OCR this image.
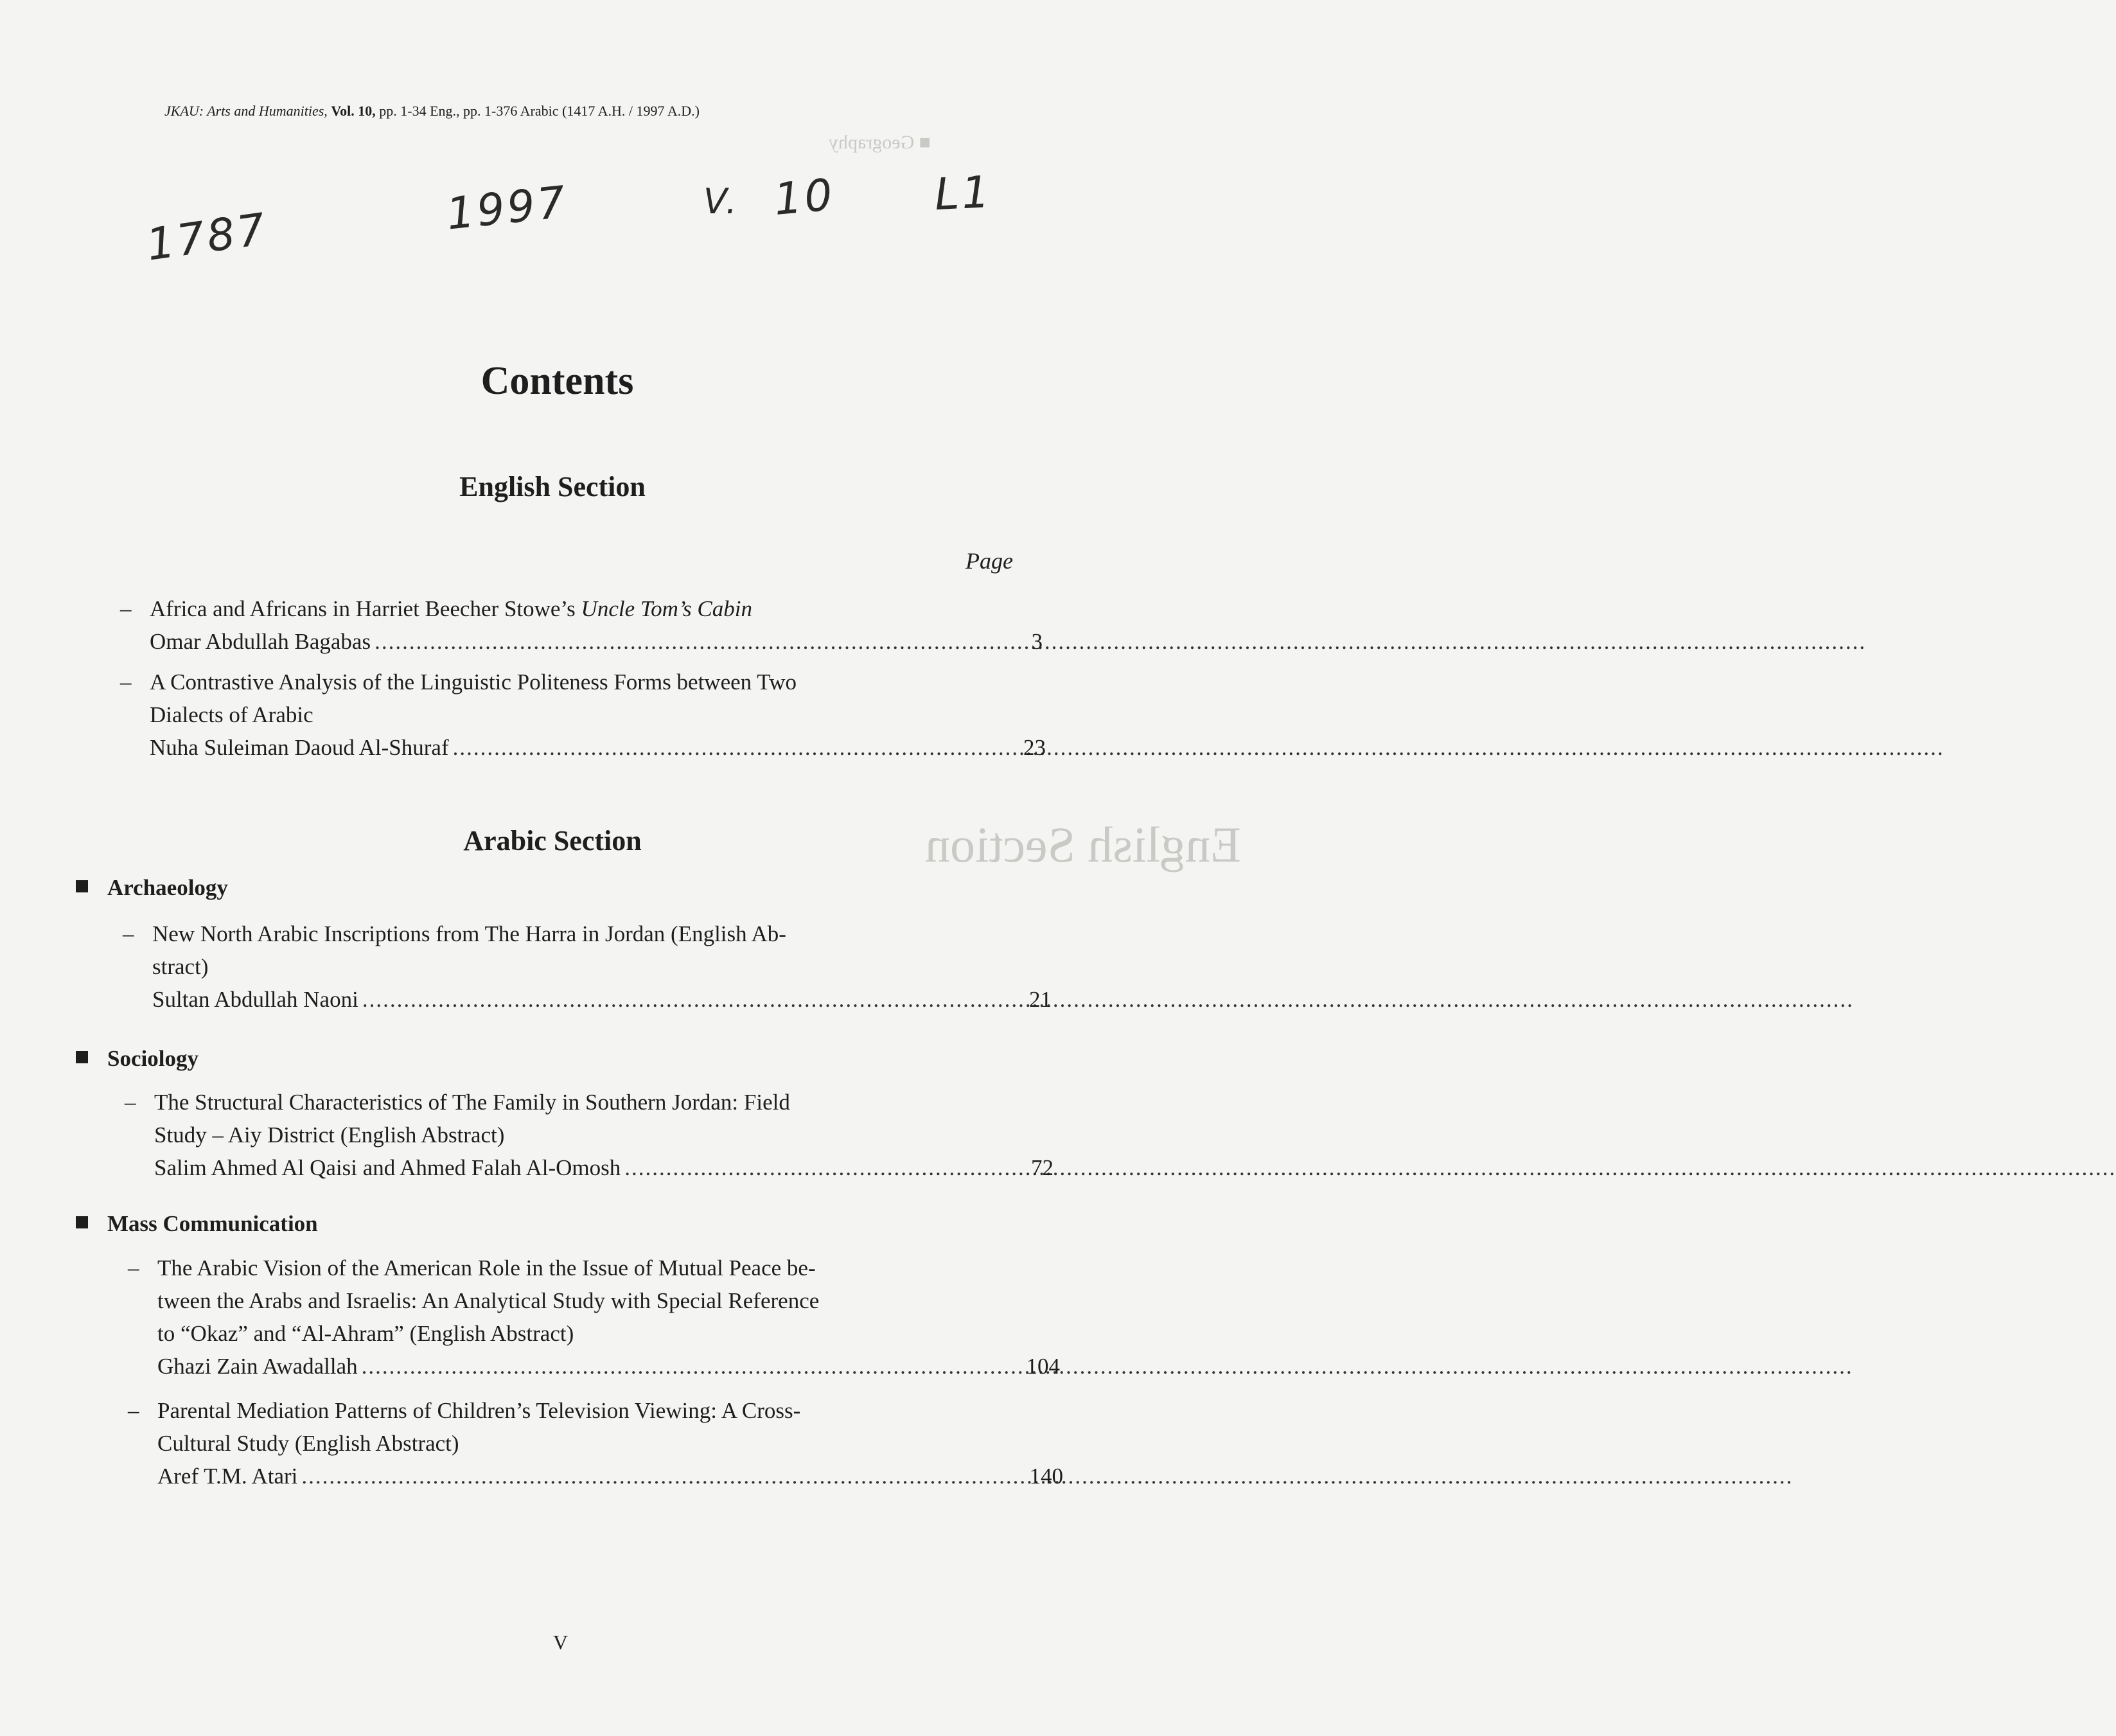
■ Geography
English Section
JKAU: Arts and Humanities, Vol. 10, pp. 1-34 Eng., pp. 1-376 Arabic (1417 A.H. / 1997 A.D.)
1787	1997	V. 10 L1
Contents
English Section
Page
– Africa and Africans in Harriet Beecher Stowe’s Uncle Tom’s Cabin
Omar Abdullah Bagabas .....	3
– A Contrastive Analysis of the Linguistic Politeness Forms between Two
Dialects of Arabic
Nuha Suleiman Daoud Al-Shuraf .....	23
Arabic Section
Archaeology
– New North Arabic Inscriptions from The Harra in Jordan (English Ab-
stract)
Sultan Abdullah Naoni .....	21
Sociology
– The Structural Characteristics of The Family in Southern Jordan: Field
Study – Aiy District (English Abstract)
Salim Ahmed Al Qaisi and Ahmed Falah Al-Omosh .....	72
Mass Communication
– The Arabic Vision of the American Role in the Issue of Mutual Peace be-
tween the Arabs and Israelis: An Analytical Study with Special Reference
to “Okaz” and “Al-Ahram” (English Abstract)
Ghazi Zain Awadallah .....	104
– Parental Mediation Patterns of Children’s Television Viewing: A Cross-
Cultural Study (English Abstract)
Aref T.M. Atari .....	140
V
